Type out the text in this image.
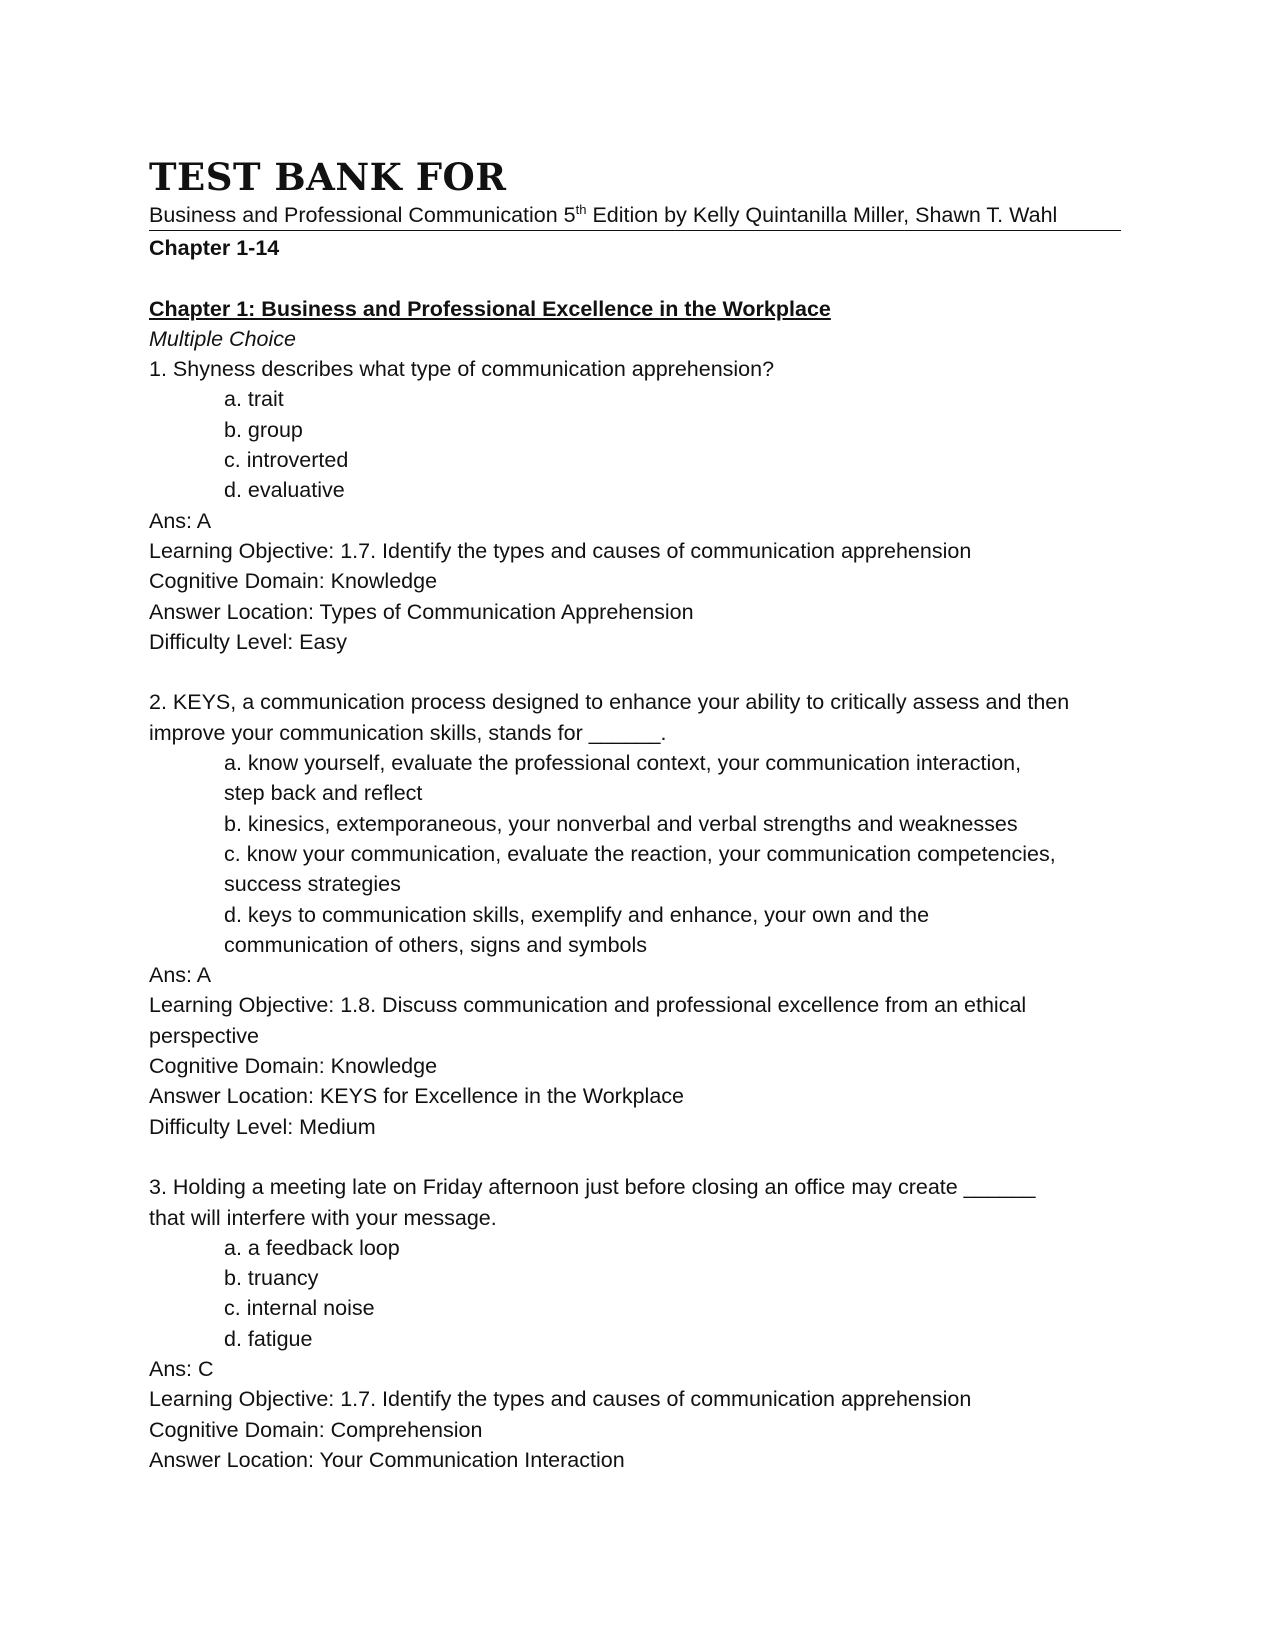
TEST BANK FOR
Business and Professional Communication 5th Edition by Kelly Quintanilla Miller, Shawn T. Wahl
Chapter 1-14
Chapter 1: Business and Professional Excellence in the Workplace
Multiple Choice
1. Shyness describes what type of communication apprehension?
a. trait
b. group
c. introverted
d. evaluative
Ans: A
Learning Objective: 1.7. Identify the types and causes of communication apprehension
Cognitive Domain: Knowledge
Answer Location: Types of Communication Apprehension
Difficulty Level: Easy
2. KEYS, a communication process designed to enhance your ability to critically assess and then
improve your communication skills, stands for ______.
a. know yourself, evaluate the professional context, your communication interaction,
step back and reflect
b. kinesics, extemporaneous, your nonverbal and verbal strengths and weaknesses
c. know your communication, evaluate the reaction, your communication competencies,
success strategies
d. keys to communication skills, exemplify and enhance, your own and the
communication of others, signs and symbols
Ans: A
Learning Objective: 1.8. Discuss communication and professional excellence from an ethical
perspective
Cognitive Domain: Knowledge
Answer Location: KEYS for Excellence in the Workplace
Difficulty Level: Medium
3. Holding a meeting late on Friday afternoon just before closing an office may create ______
that will interfere with your message.
a. a feedback loop
b. truancy
c. internal noise
d. fatigue
Ans: C
Learning Objective: 1.7. Identify the types and causes of communication apprehension
Cognitive Domain: Comprehension
Answer Location: Your Communication Interaction
